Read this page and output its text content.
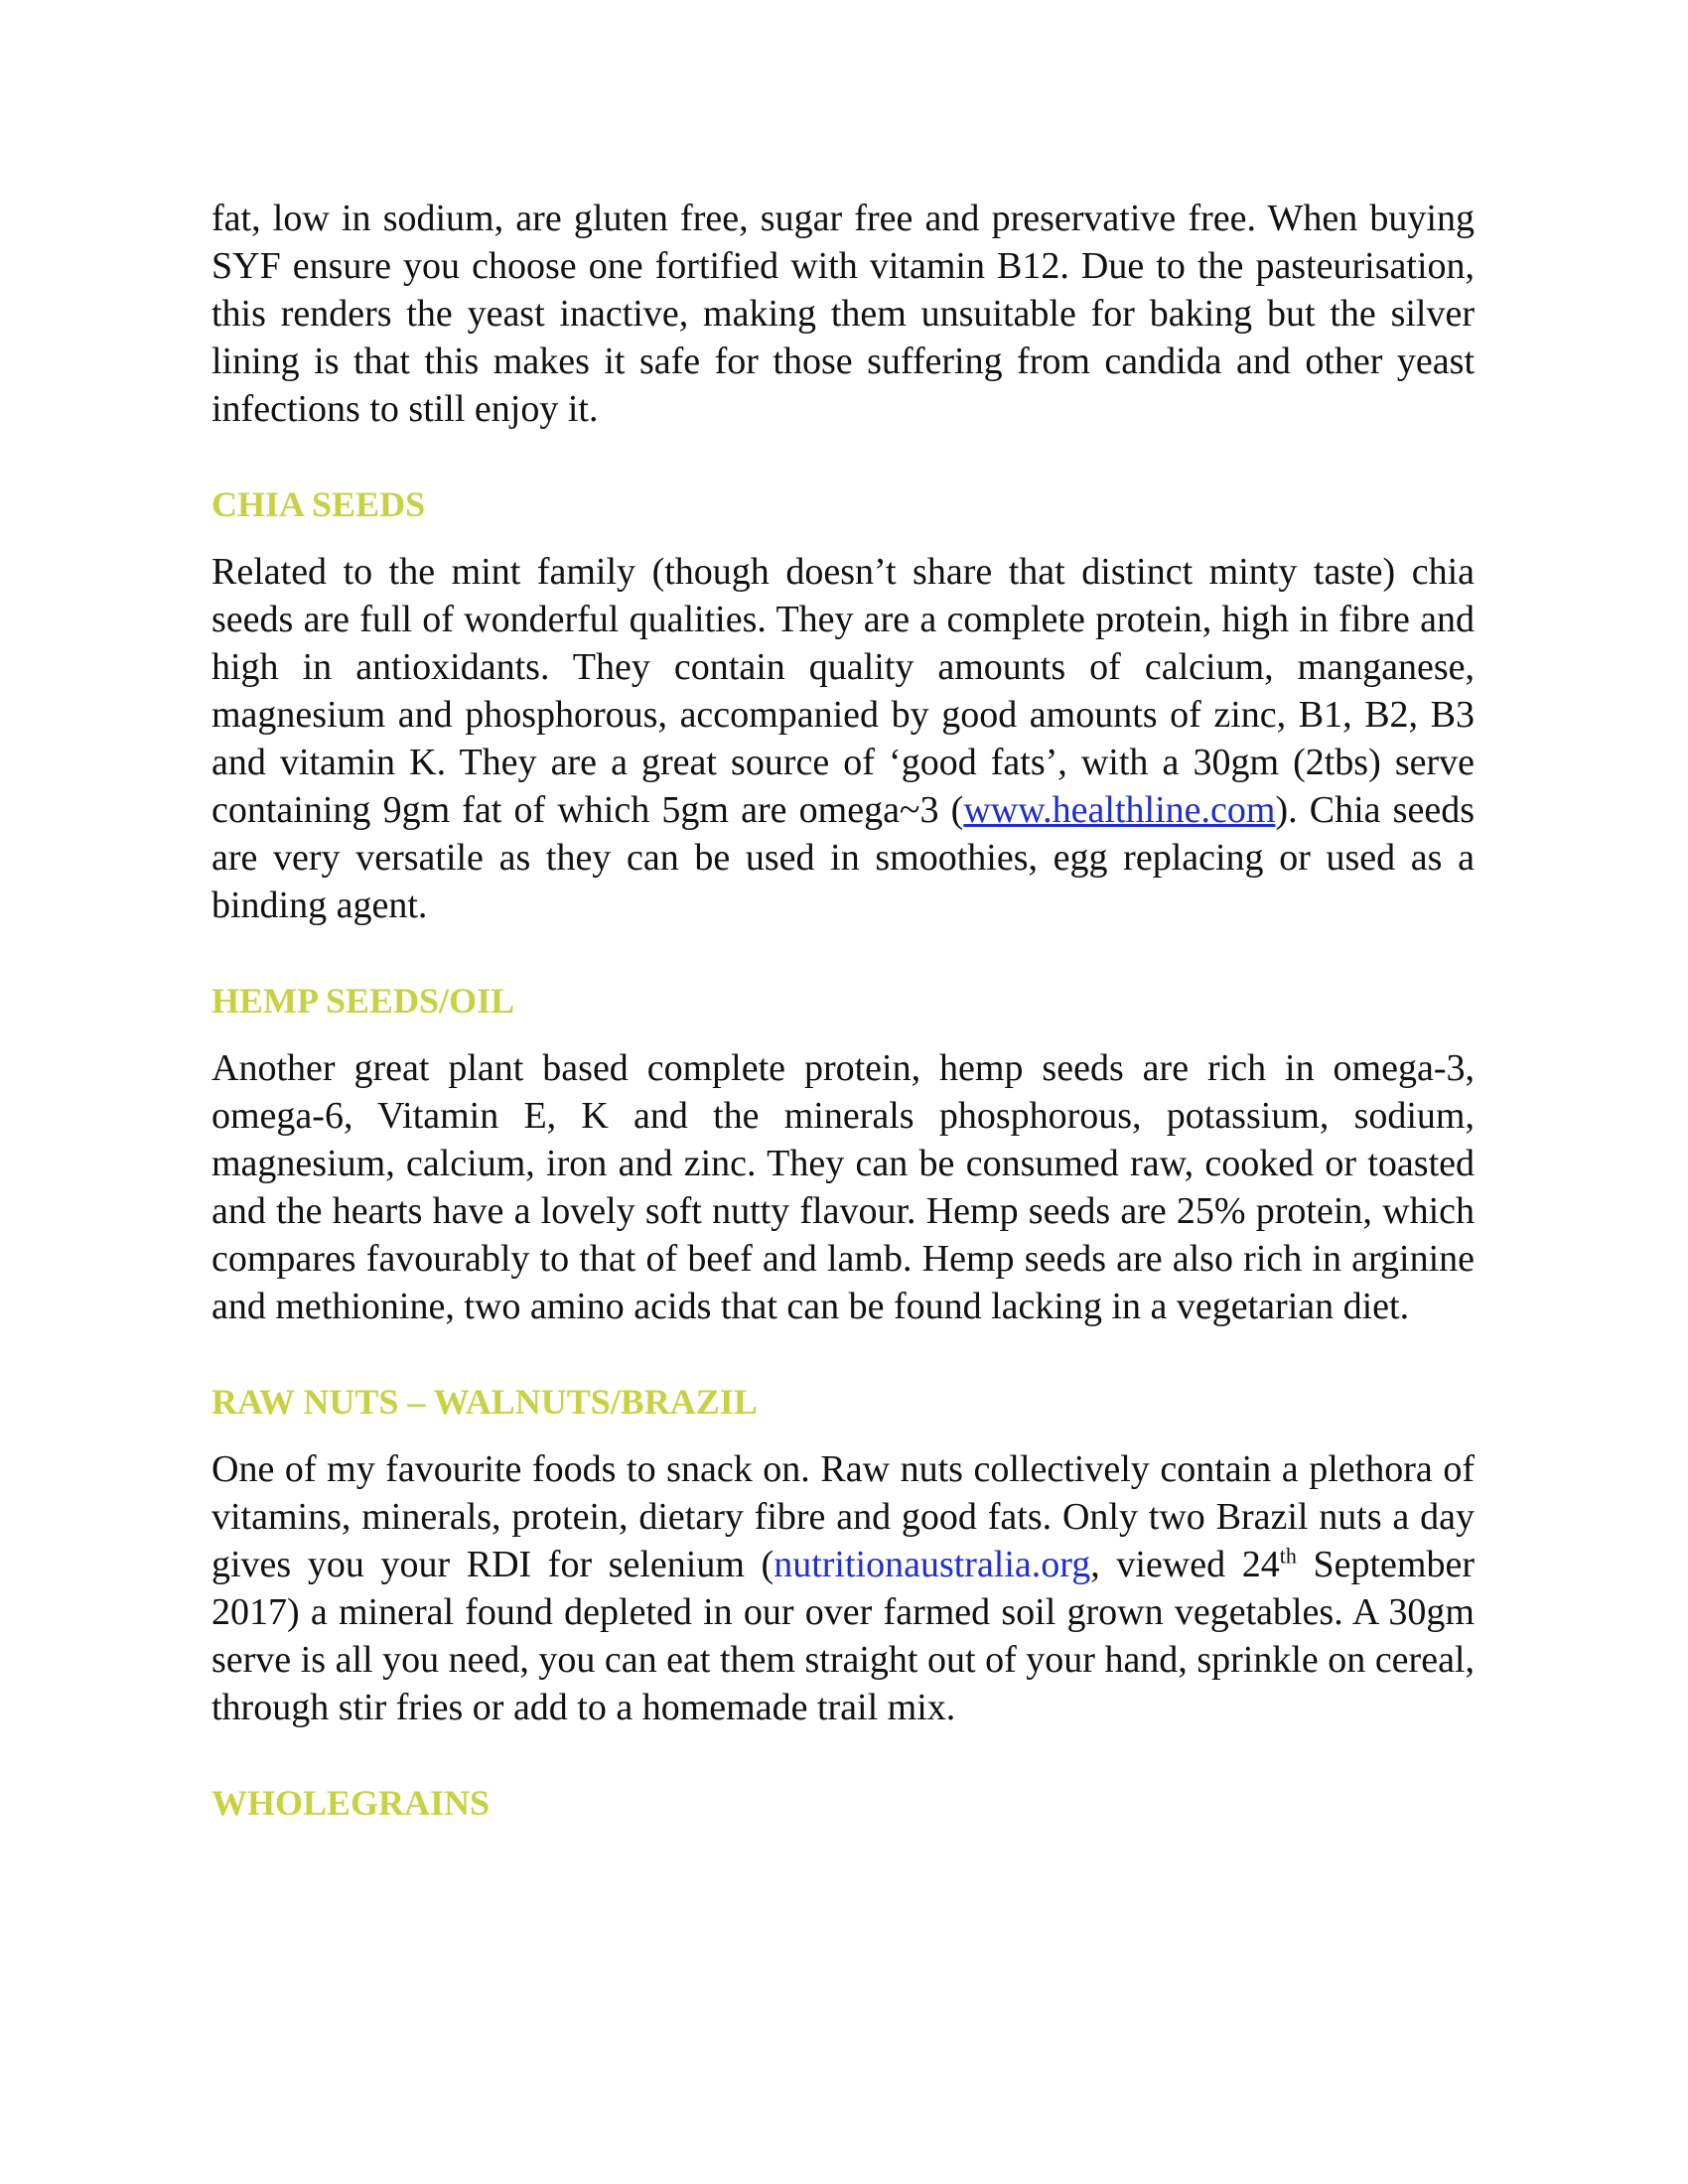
fat, low in sodium, are gluten free, sugar free and preservative free. When buying SYF ensure you choose one fortified with vitamin B12. Due to the pasteurisation, this renders the yeast inactive, making them unsuitable for baking but the silver lining is that this makes it safe for those suffering from candida and other yeast infections to still enjoy it.

CHIA SEEDS

Related to the mint family (though doesn’t share that distinct minty taste) chia seeds are full of wonderful qualities. They are a complete protein, high in fibre and high in antioxidants. They contain quality amounts of calcium, manganese, magnesium and phosphorous, accompanied by good amounts of zinc, B1, B2, B3 and vitamin K. They are a great source of ‘good fats’, with a 30gm (2tbs) serve containing 9gm fat of which 5gm are omega~3 (www.healthline.com). Chia seeds are very versatile as they can be used in smoothies, egg replacing or used as a binding agent.

HEMP SEEDS/OIL

Another great plant based complete protein, hemp seeds are rich in omega-3, omega-6, Vitamin E, K and the minerals phosphorous, potassium, sodium, magnesium, calcium, iron and zinc. They can be consumed raw, cooked or toasted and the hearts have a lovely soft nutty flavour. Hemp seeds are 25% protein, which compares favourably to that of beef and lamb. Hemp seeds are also rich in arginine and methionine, two amino acids that can be found lacking in a vegetarian diet.

RAW NUTS – WALNUTS/BRAZIL

One of my favourite foods to snack on. Raw nuts collectively contain a plethora of vitamins, minerals, protein, dietary fibre and good fats. Only two Brazil nuts a day gives you your RDI for selenium (nutritionaustralia.org, viewed 24th September 2017) a mineral found depleted in our over farmed soil grown vegetables. A 30gm serve is all you need, you can eat them straight out of your hand, sprinkle on cereal, through stir fries or add to a homemade trail mix.

WHOLEGRAINS
